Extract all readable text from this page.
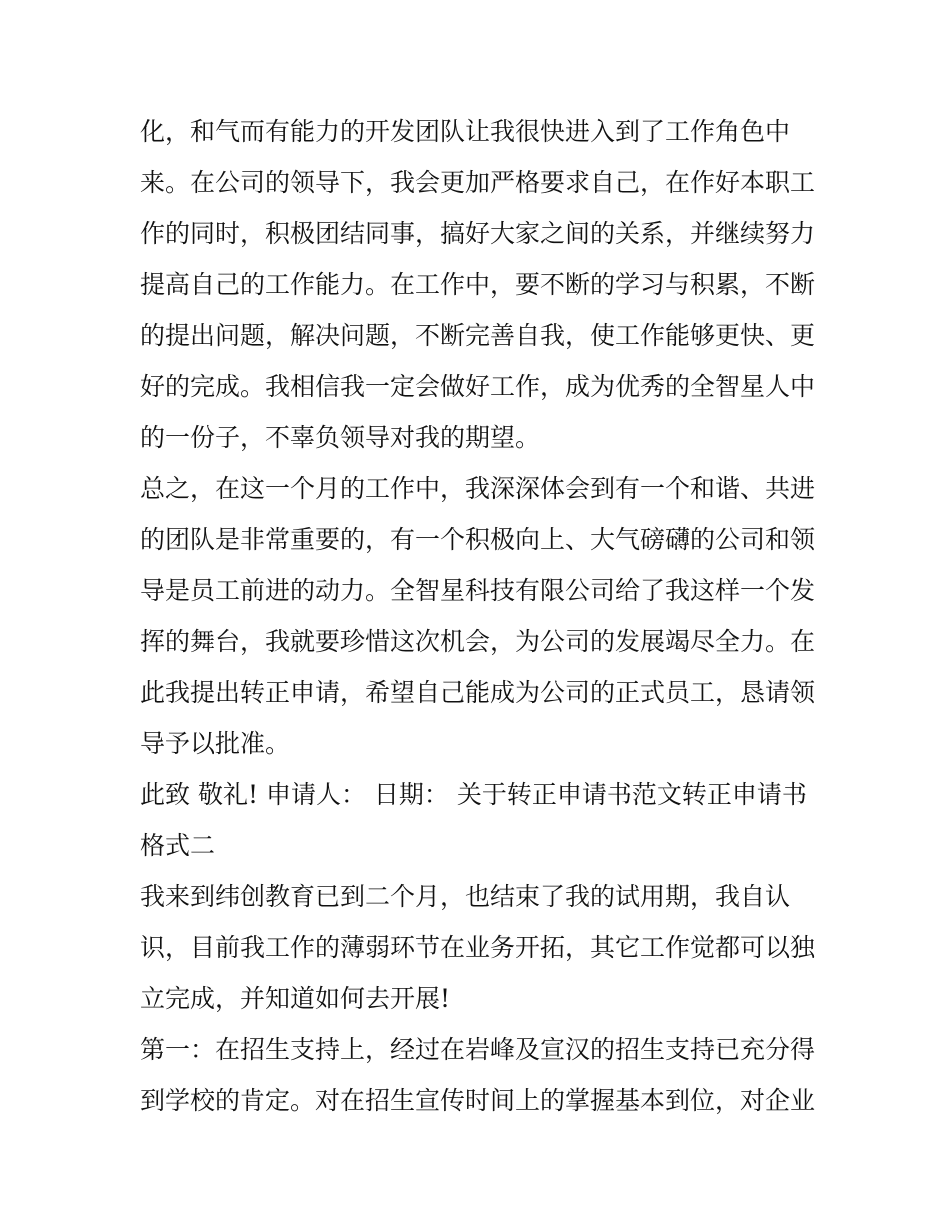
化，和气而有能力的开发团队让我很快进入到了工作角色中
来。在公司的领导下，我会更加严格要求自己，在作好本职工
作的同时，积极团结同事，搞好大家之间的关系，并继续努力
提高自己的工作能力。在工作中，要不断的学习与积累，不断
的提出问题，解决问题，不断完善自我，使工作能够更快、更
好的完成。我相信我一定会做好工作，成为优秀的全智星人中
的一份子，不辜负领导对我的期望。
总之，在这一个月的工作中，我深深体会到有一个和谐、共进
的团队是非常重要的，有一个积极向上、大气磅礴的公司和领
导是员工前进的动力。全智星科技有限公司给了我这样一个发
挥的舞台，我就要珍惜这次机会，为公司的发展竭尽全力。在
此我提出转正申请，希望自己能成为公司的正式员工，恳请领
导予以批准。
此致 敬礼! 申请人： 日期： 关于转正申请书范文转正申请书
格式二
我来到纬创教育已到二个月，也结束了我的试用期，我自认
识，目前我工作的薄弱环节在业务开拓，其它工作觉都可以独
立完成，并知道如何去开展!
第一：在招生支持上，经过在岩峰及宣汉的招生支持已充分得
到学校的肯定。对在招生宣传时间上的掌握基本到位，对企业
